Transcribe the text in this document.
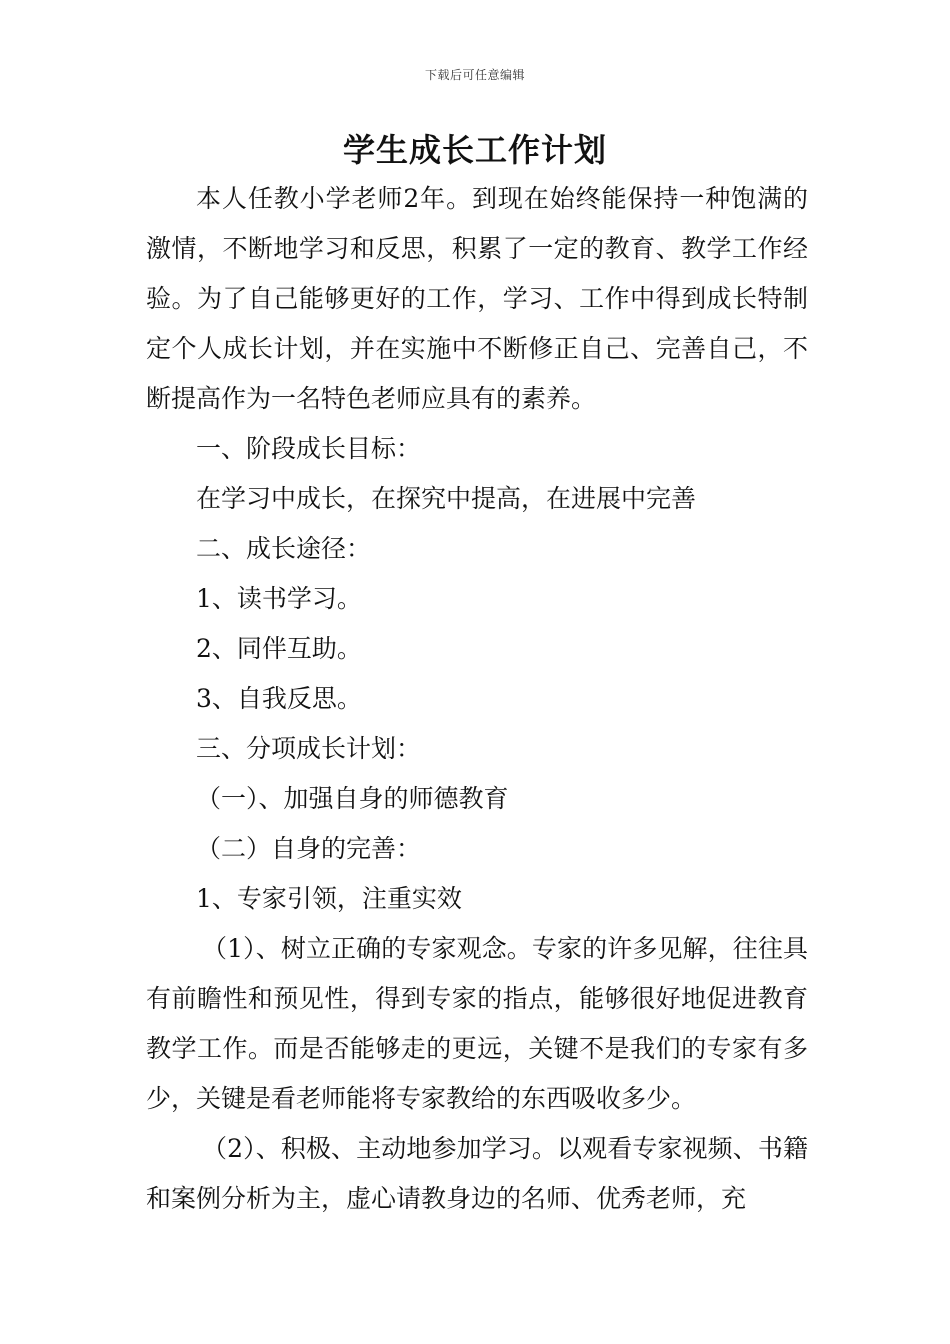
下载后可任意编辑
学生成长工作计划

本人任教小学老师2年。到现在始终能保持一种饱满的激情，不断地学习和反思，积累了一定的教育、教学工作经验。为了自己能够更好的工作，学习、工作中得到成长特制定个人成长计划，并在实施中不断修正自己、完善自己，不断提高作为一名特色老师应具有的素养。

一、阶段成长目标：

在学习中成长，在探究中提高，在进展中完善

二、成长途径：

1、读书学习。

2、同伴互助。

3、自我反思。

三、分项成长计划：

（一）、加强自身的师德教育

（二）自身的完善：

1、专家引领，注重实效

（1）、树立正确的专家观念。专家的许多见解，往往具有前瞻性和预见性，得到专家的指点，能够很好地促进教育教学工作。而是否能够走的更远，关键不是我们的专家有多少，关键是看老师能将专家教给的东西吸收多少。

（2）、积极、主动地参加学习。以观看专家视频、书籍和案例分析为主，虚心请教身边的名师、优秀老师，充
